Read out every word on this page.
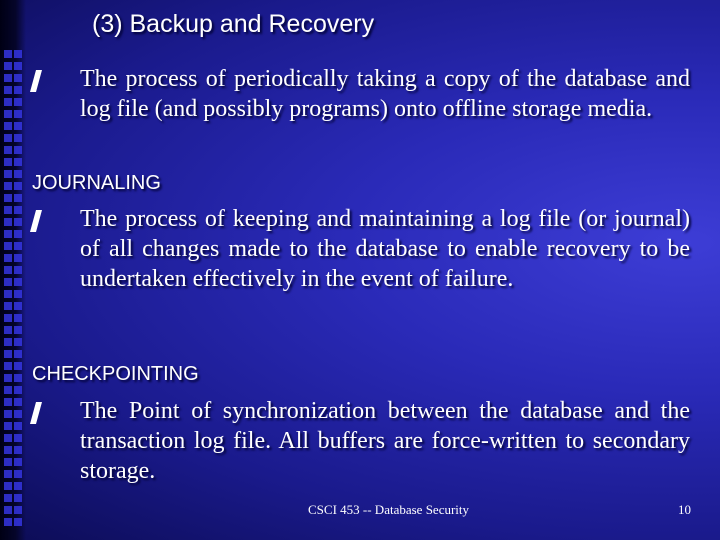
(3) Backup and Recovery
The process of periodically taking a copy of the database and log file (and possibly programs) onto offline storage media.
JOURNALING
The process of keeping and maintaining a log file (or journal) of all changes made to the database to enable recovery to be undertaken effectively in the event of failure.
CHECKPOINTING
The Point of synchronization between the database and the transaction log file. All buffers are force-written to secondary storage.
CSCI 453 -- Database Security	10
